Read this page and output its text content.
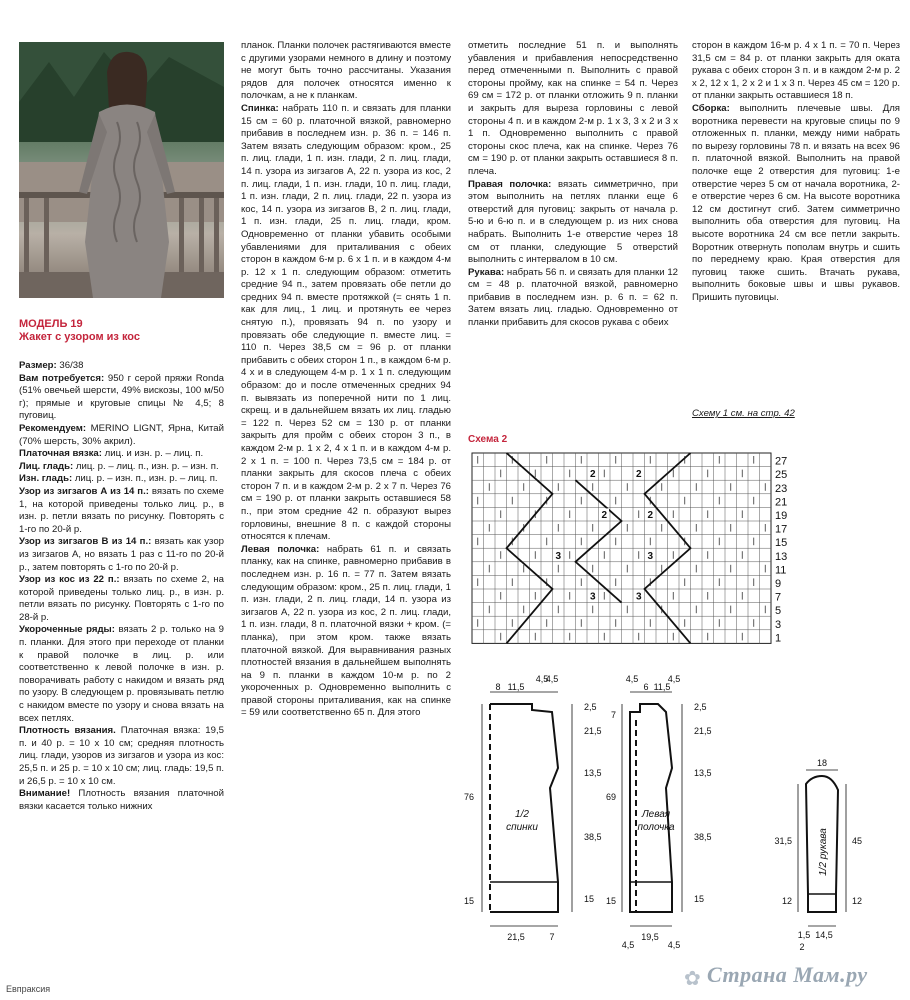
МОДЕЛЬ 19
Жакет с узором из кос

Размер: 36/38

Вам потребуется: 950 г серой пряжи Ronda (51% овечьей шерсти, 49% вискозы, 100 м/50 г); прямые и круговые спицы № 4,5; 8 пуговиц.

Рекомендуем: MERINO LIGNT, Ярна, Китай (70% шерсть, 30% акрил).

Платочная вязка: лиц. и изн. р. – лиц. п.

Лиц. гладь: лиц. р. – лиц. п., изн. р. – изн. п.

Изн. гладь: лиц. р. – изн. п., изн. р. – лиц. п.

Узор из зигзагов А из 14 п.: вязать по схеме 1, на которой приведены только лиц. р., в изн. р. петли вязать по рисунку. Повторять с 1-го по 20-й р.

Узор из зигзагов В из 14 п.: вязать как узор из зигзагов А, но вязать 1 раз с 11-го по 20-й р., затем повторять с 1-го по 20-й р.

Узор из кос из 22 п.: вязать по схеме 2, на которой приведены только лиц. р., в изн. р. петли вязать по рисунку. Повторять с 1-го по 28-й р.

Укороченные ряды: вязать 2 р. только на 9 п. планки. Для этого при переходе от планки к правой полочке в лиц. р. или соответственно к левой полочке в изн. р. поворачивать работу с накидом и вязать ряд по узору. В следующем р. провязывать петлю с накидом вместе по узору и снова вязать на всех петлях.

Плотность вязания. Платочная вязка: 19,5 п. и 40 р. = 10 х 10 см; средняя плотность лиц. глади, узоров из зигзагов и узора из кос: 25,5 п. и 25 р. = 10 х 10 см; лиц. гладь: 19,5 п. и 26,5 р. = 10 х 10 см.

Внимание! Плотность вязания платочной вязки касается только нижних

планок. Планки полочек растягиваются вместе с другими узорами немного в длину и поэтому не могут быть точно рассчитаны. Указания рядов для полочек относятся именно к полочкам, а не к планкам.

Спинка: набрать 110 п. и связать для планки 15 см = 60 р. платочной вязкой, равномерно прибавив в последнем изн. р. 36 п. = 146 п. Затем вязать следующим образом: кром., 25 п. лиц. глади, 1 п. изн. глади, 2 п. лиц. глади, 14 п. узора из зигзагов А, 22 п. узора из кос, 2 п. лиц. глади, 1 п. изн. глади, 10 п. лиц. глади, 1 п. изн. глади, 2 п. лиц. глади, 22 п. узора из кос, 14 п. узора из зигзагов В, 2 п. лиц. глади, 1 п. изн. глади, 25 п. лиц. глади, кром. Одновременно от планки убавить особыми убавлениями для приталивания с обеих сторон в каждом 6-м р. 6 х 1 п. и в каждом 4-м р. 12 х 1 п. следующим образом: отметить средние 94 п., затем провязать обе петли до средних 94 п. вместе протяжкой (= снять 1 п. как для лиц., 1 лиц. и протянуть ее через снятую п.), провязать 94 п. по узору и провязать обе следующие п. вместе лиц. = 110 п. Через 38,5 см = 96 р. от планки прибавить с обеих сторон 1 п., в каждом 6-м р. 4 х и в следующем 4-м р. 1 х 1 п. следующим образом: до и после отмеченных средних 94 п. вывязать из поперечной нити по 1 лиц. скрещ. и в дальнейшем вязать их лиц. гладью = 122 п. Через 52 см = 130 р. от планки закрыть для пройм с обеих сторон 3 п., в каждом 2-м р. 1 х 2, 4 х 1 п. и в каждом 4-м р. 2 х 1 п. = 100 п. Через 73,5 см = 184 р. от планки закрыть для скосов плеча с обеих сторон 7 п. и в каждом 2-м р. 2 х 7 п. Через 76 см = 190 р. от планки закрыть оставшиеся 58 п., при этом средние 42 п. образуют вырез горловины, внешние 8 п. с каждой стороны относятся к плечам.

Левая полочка: набрать 61 п. и связать планку, как на спинке, равномерно прибавив в последнем изн. р. 16 п. = 77 п. Затем вязать следующим образом: кром., 25 п. лиц. глади, 1 п. изн. глади, 2 п. лиц. глади, 14 п. узора из зигзагов А, 22 п. узора из кос, 2 п. лиц. глади, 1 п. изн. глади, 8 п. платочной вязки + кром. (= планка), при этом кром. также вязать платочной вязкой. Для выравнивания разных плотностей вязания в дальнейшем выполнять на 9 п. планки в каждом 10-м р. по 2 укороченных р. Одновременно выполнить с правой стороны приталивания, как на спинке = 59 или соответственно 65 п. Для этого

отметить последние 51 п. и выполнять убавления и прибавления непосредственно перед отмеченными п. Выполнить с правой стороны пройму, как на спинке = 54 п. Через 69 см = 172 р. от планки отложить 9 п. планки и закрыть для выреза горловины с левой стороны 4 п. и в каждом 2-м р. 1 х 3, 3 х 2 и 3 х 1 п. Одновременно выполнить с правой стороны скос плеча, как на спинке. Через 76 см = 190 р. от планки закрыть оставшиеся 8 п. плеча.

Правая полочка: вязать симметрично, при этом выполнить на петлях планки еще 6 отверстий для пуговиц: закрыть от начала р. 5-ю и 6-ю п. и в следующем р. из них снова набрать. Выполнить 1-е отверстие через 18 см от планки, следующие 5 отверстий выполнить с интервалом в 10 см.

Рукава: набрать 56 п. и связать для планки 12 см = 48 р. платочной вязкой, равномерно прибавив в последнем изн. р. 6 п. = 62 п. Затем вязать лиц. гладью. Одновременно от планки прибавить для скосов рукава с обеих

сторон в каждом 16-м р. 4 х 1 п. = 70 п. Через 31,5 см = 84 р. от планки закрыть для оката рукава с обеих сторон 3 п. и в каждом 2-м р. 2 х 2, 12 х 1, 2 х 2 и 1 х 3 п. Через 45 см = 120 р. от планки закрыть оставшиеся 18 п.

Сборка: выполнить плечевые швы. Для воротника перевести на круговые спицы по 9 отложенных п. планки, между ними набрать по вырезу горловины 78 п. и вязать на всех 96 п. платочной вязкой. Выполнить на правой полочке еще 2 отверстия для пуговиц: 1-е отверстие через 5 см от начала воротника, 2-е отверстие через 6 см. На высоте воротника 12 см достигнут сгиб. Затем симметрично выполнить оба отверстия для пуговиц. На высоте воротника 24 см все петли закрыть. Воротник отвернуть пополам внутрь и сшить по переднему краю. Края отверстия для пуговиц также сшить. Втачать рукава, выполнить боковые швы и швы рукавов. Пришить пуговицы.

Схему 1 см. на стр. 42

Схема 2
2	2
2	2
3	3
3	3
27
25
23
21
19
17
15
13
11
9
7
5
3
1
1/2
спинки
8 11,5
4,5
4,5
2,5
21,5
13,5
38,5
15
76
15
21,5	7
Левая
полочка
4,5
6 11,5
4,5
2,5
21,5
13,5
38,5
15
7
69
15
4,5
19,5
4,5
1/2 рукава
18
45
12
31,5
12
2
1,5 14,5
Евпраксия	✿ Страна Мам.ру
